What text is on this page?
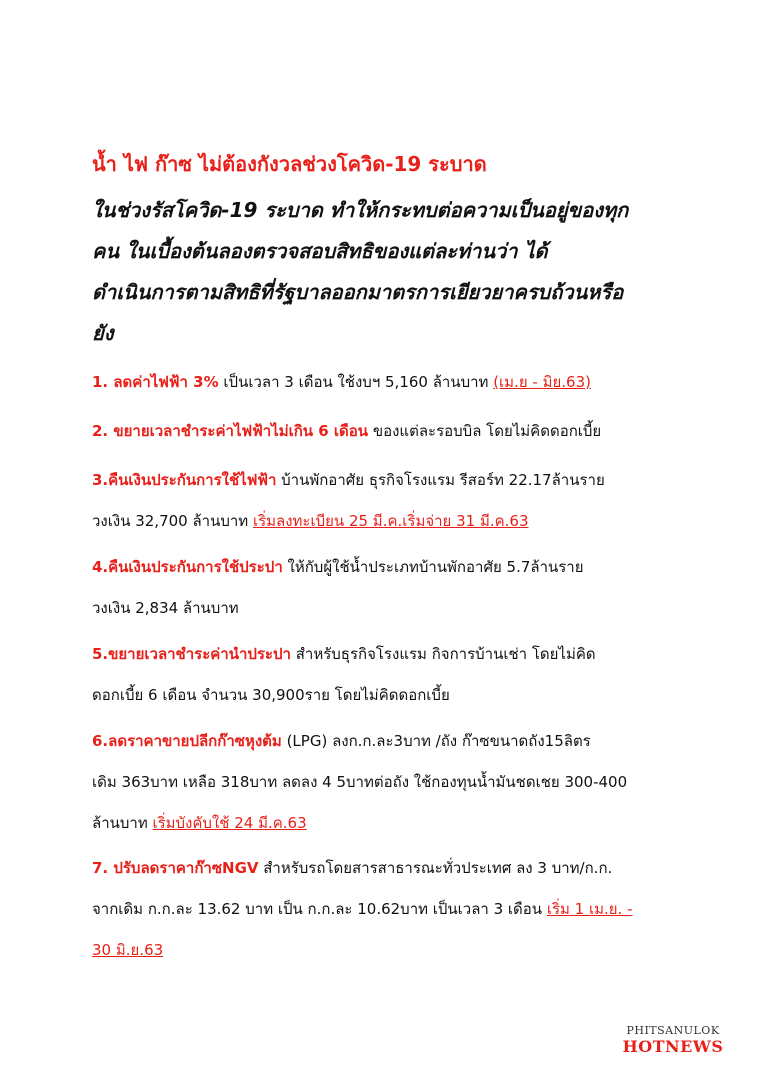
น้ำ ไฟ ก๊าซ ไม่ต้องกังวลช่วงโควิด-19 ระบาด
ในช่วงรัสโควิด-19 ระบาด ทำให้กระทบต่อความเป็นอยู่ของทุก
คน ในเบื้องต้นลองตรวจสอบสิทธิของแต่ละท่านว่า ได้
ดำเนินการตามสิทธิที่รัฐบาลออกมาตรการเยียวยาครบถ้วนหรือ
ยัง
1. ลดค่าไฟฟ้า 3% เป็นเวลา 3 เดือน ใช้งบฯ 5,160 ล้านบาท (เม.ย - มิย.63)
2. ขยายเวลาชำระค่าไฟฟ้าไม่เกิน 6 เดือน ของแต่ละรอบบิล โดยไม่คิดดอกเบี้ย
3.คืนเงินประกันการใช้ไฟฟ้า บ้านพักอาศัย ธุรกิจโรงแรม รีสอร์ท 22.17ล้านราย
วงเงิน 32,700 ล้านบาท เริ่มลงทะเบียน 25 มี.ค.เริ่มจ่าย 31 มี.ค.63
4.คืนเงินประกันการใช้ประปา ให้กับผู้ใช้น้ำประเภทบ้านพักอาศัย 5.7ล้านราย
วงเงิน 2,834 ล้านบาท
5.ขยายเวลาชำระค่านำประปา สำหรับธุรกิจโรงแรม กิจการบ้านเช่า โดยไม่คิด
ดอกเบี้ย 6 เดือน จำนวน 30,900ราย โดยไม่คิดดอกเบี้ย
6.ลดราคาขายปลีกก๊าซหุงต้ม (LPG) ลงก.ก.ละ3บาท /ถัง ก๊าซขนาดถัง15ลิตร
เดิม 363บาท เหลือ 318บาท ลดลง 4 5บาทต่อถัง ใช้กองทุนน้ำมันชดเชย 300-400
ล้านบาท เริ่มบังคับใช้ 24 มี.ค.63
7. ปรับลดราคาก๊าซNGV สำหรับรถโดยสารสาธารณะทั่วประเทศ ลง 3 บาท/ก.ก.
จากเดิม ก.ก.ละ 13.62 บาท เป็น ก.ก.ละ 10.62บาท เป็นเวลา 3 เดือน เริ่ม 1 เม.ย. -
30 มิ.ย.63
PHITSANULOK
HOTNEWS
